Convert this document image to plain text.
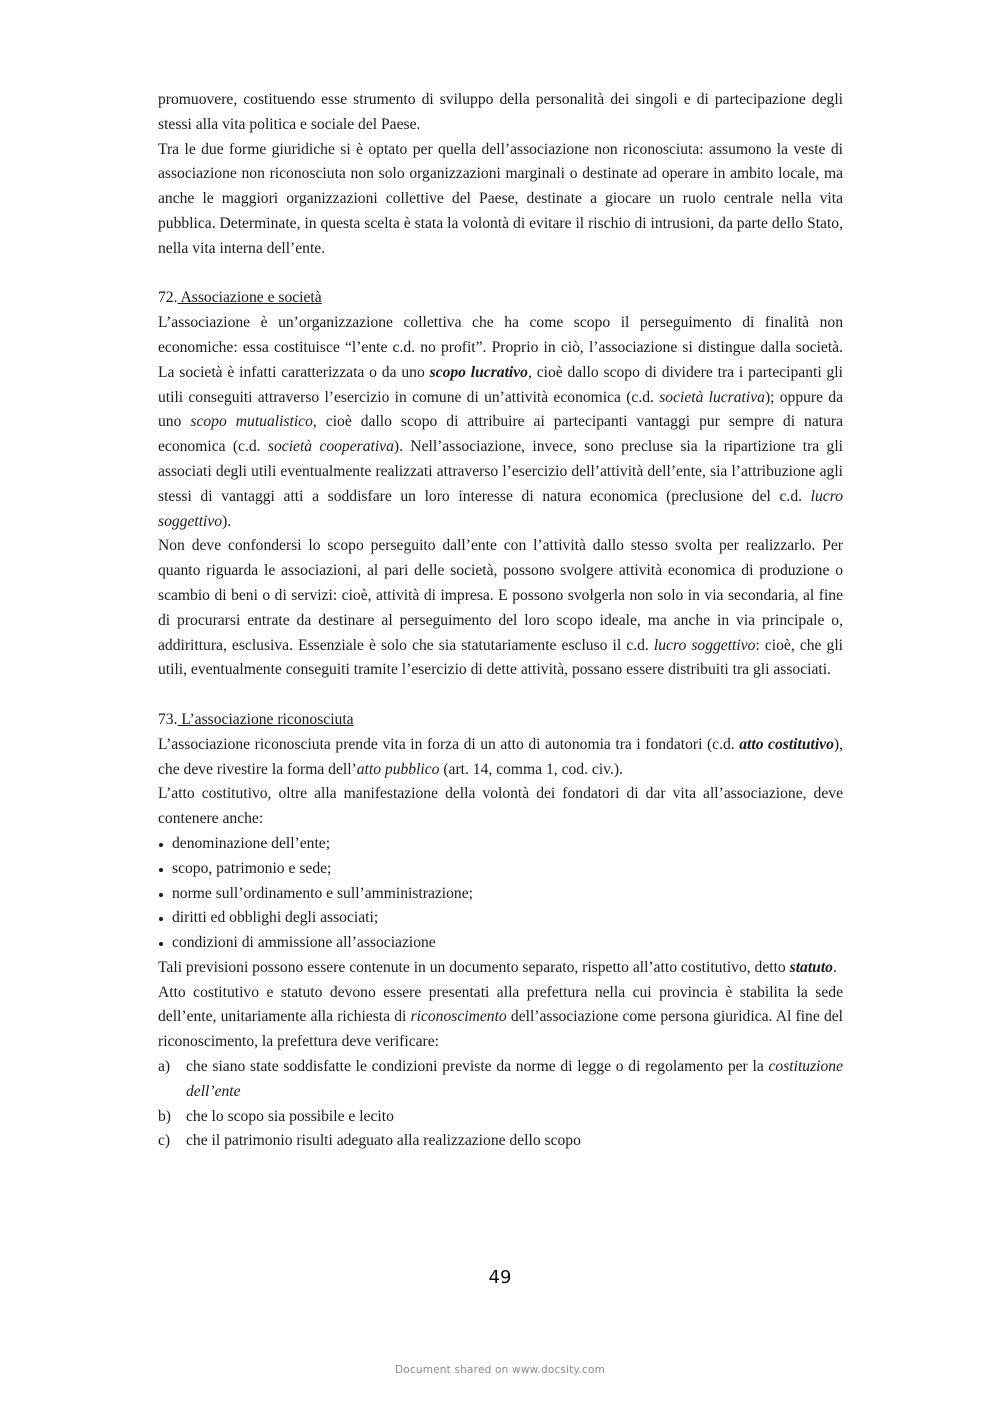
promuovere, costituendo esse strumento di sviluppo della personalità dei singoli e di partecipazione degli stessi alla vita politica e sociale del Paese.

Tra le due forme giuridiche si è optato per quella dell’associazione non riconosciuta: assumono la veste di associazione non riconosciuta non solo organizzazioni marginali o destinate ad operare in ambito locale, ma anche le maggiori organizzazioni collettive del Paese, destinate a giocare un ruolo centrale nella vita pubblica. Determinate, in questa scelta è stata la volontà di evitare il rischio di intrusioni, da parte dello Stato, nella vita interna dell’ente.

72. Associazione e società

L’associazione è un’organizzazione collettiva che ha come scopo il perseguimento di finalità non economiche: essa costituisce “l’ente c.d. no profit”. Proprio in ciò, l’associazione si distingue dalla società. La società è infatti caratterizzata o da uno scopo lucrativo, cioè dallo scopo di dividere tra i partecipanti gli utili conseguiti attraverso l’esercizio in comune di un’attività economica (c.d. società lucrativa); oppure da uno scopo mutualistico, cioè dallo scopo di attribuire ai partecipanti vantaggi pur sempre di natura economica (c.d. società cooperativa). Nell’associazione, invece, sono precluse sia la ripartizione tra gli associati degli utili eventualmente realizzati attraverso l’esercizio dell’attività dell’ente, sia l’attribuzione agli stessi di vantaggi atti a soddisfare un loro interesse di natura economica (preclusione del c.d. lucro soggettivo).

Non deve confondersi lo scopo perseguito dall’ente con l’attività dallo stesso svolta per realizzarlo. Per quanto riguarda le associazioni, al pari delle società, possono svolgere attività economica di produzione o scambio di beni o di servizi: cioè, attività di impresa. E possono svolgerla non solo in via secondaria, al fine di procurarsi entrate da destinare al perseguimento del loro scopo ideale, ma anche in via principale o, addirittura, esclusiva. Essenziale è solo che sia statutariamente escluso il c.d. lucro soggettivo: cioè, che gli utili, eventualmente conseguiti tramite l’esercizio di dette attività, possano essere distribuiti tra gli associati.

73. L’associazione riconosciuta

L’associazione riconosciuta prende vita in forza di un atto di autonomia tra i fondatori (c.d. atto costitutivo), che deve rivestire la forma dell’atto pubblico (art. 14, comma 1, cod. civ.).

L’atto costitutivo, oltre alla manifestazione della volontà dei fondatori di dar vita all’associazione, deve contenere anche:

denominazione dell’ente;
scopo, patrimonio e sede;
norme sull’ordinamento e sull’amministrazione;
diritti ed obblighi degli associati;
condizioni di ammissione all’associazione

Tali previsioni possono essere contenute in un documento separato, rispetto all’atto costitutivo, detto statuto.

Atto costitutivo e statuto devono essere presentati alla prefettura nella cui provincia è stabilita la sede dell’ente, unitariamente alla richiesta di riconoscimento dell’associazione come persona giuridica. Al fine del riconoscimento, la prefettura deve verificare:

a)	che siano state soddisfatte le condizioni previste da norme di legge o di regolamento per la costituzione dell’ente
b) che lo scopo sia possibile e lecito
c)	che il patrimonio risulti adeguato alla realizzazione dello scopo
49
Document shared on www.docsity.com
